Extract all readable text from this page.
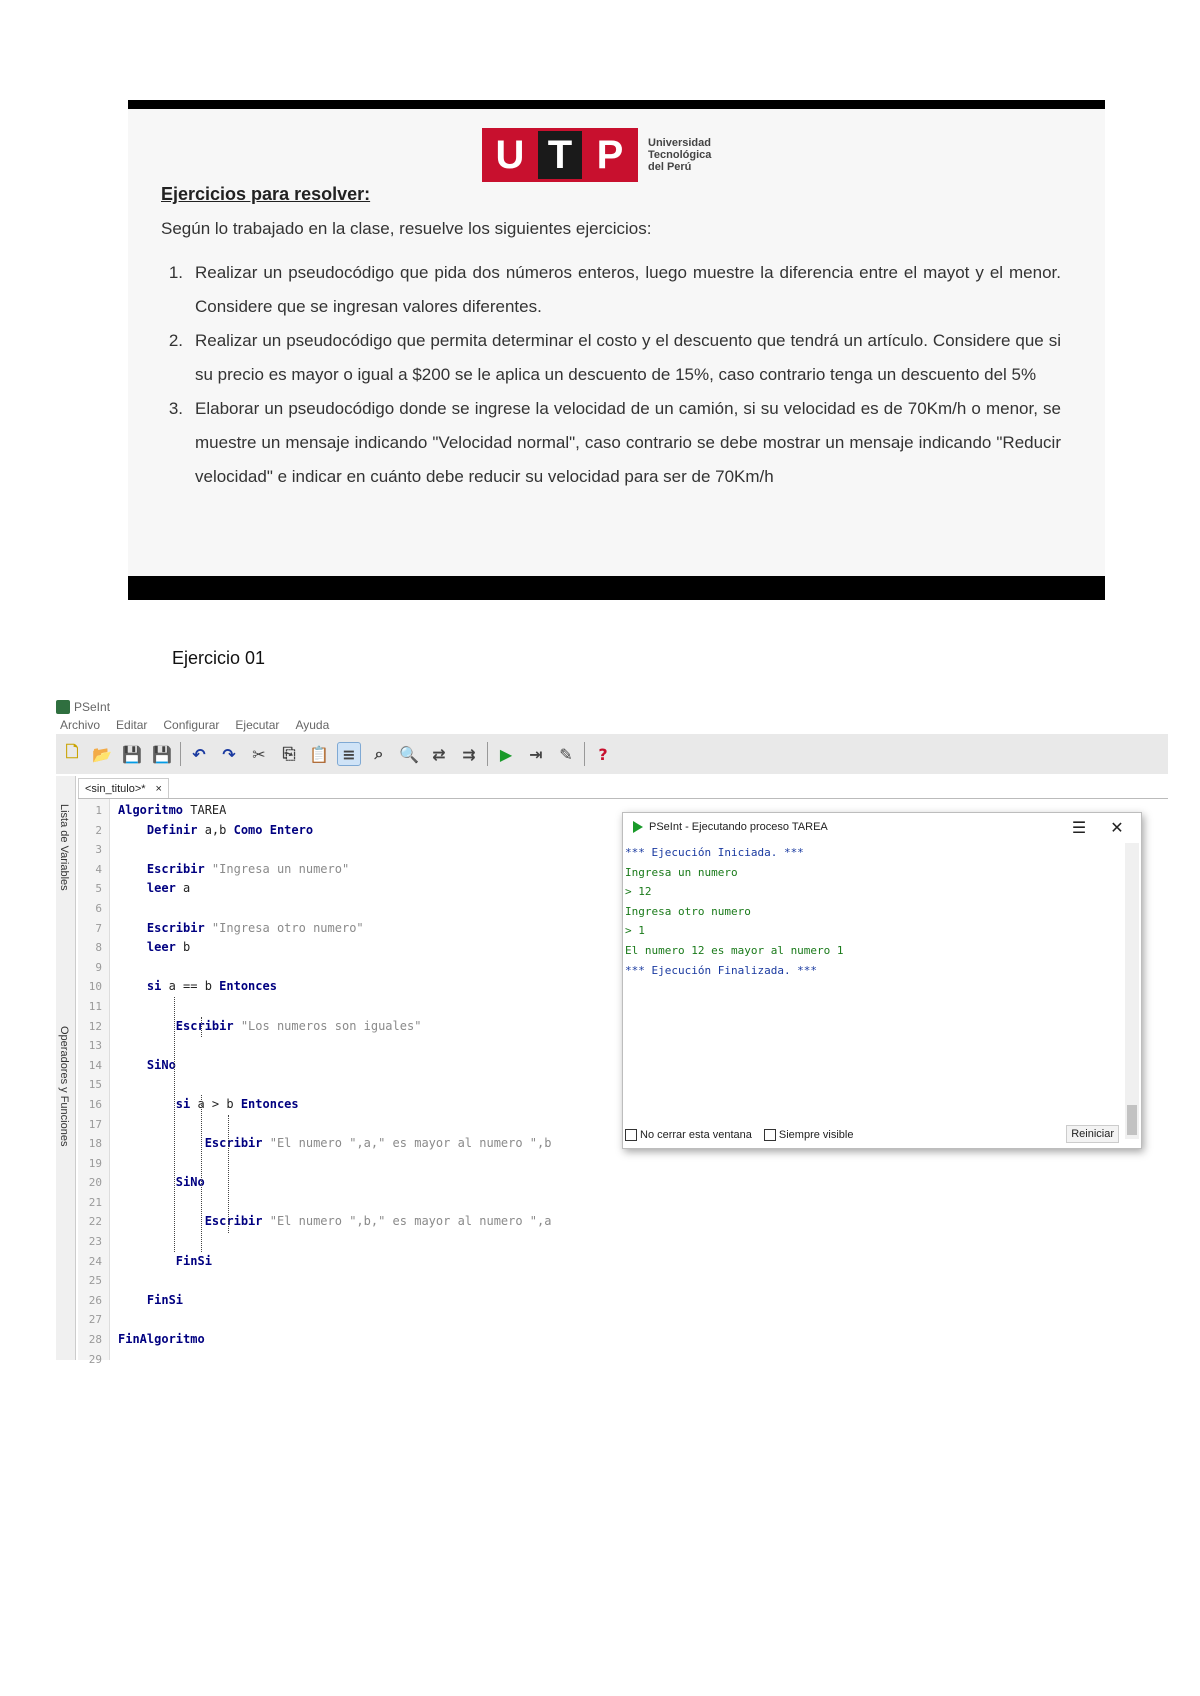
U T P	Universidad Tecnológica del Perú
Ejercicios para resolver:
Según lo trabajado en la clase, resuelve los siguientes ejercicios:
1. Realizar un pseudocódigo que pida dos números enteros, luego muestre la diferencia entre el mayot y el menor. Considere que se ingresan valores diferentes.
2. Realizar un pseudocódigo que permita determinar el costo y el descuento que tendrá un artículo. Considere que si su precio es mayor o igual a $200 se le aplica un descuento de 15%, caso contrario tenga un descuento del 5%
3. Elaborar un pseudocódigo donde se ingrese la velocidad de un camión, si su velocidad es de 70Km/h o menor, se muestre un mensaje indicando "Velocidad normal", caso contrario se debe mostrar un mensaje indicando "Reducir velocidad" e indicar en cuánto debe reducir su velocidad para ser de 70Km/h
Ejercicio 01
PSeInt
Archivo Editar Configurar Ejecutar Ayuda
🗋 📂 💾 💾	↶	↷	✂	⎘ 📋 ≡	⌕ 🔍 ⇄	⇉	▶	⇥	✎	?
Lista de Variables
Operadores y Funciones
<sin_titulo>* ×
1	Algoritmo TAREA
2	Definir a,b Como Entero
3
4	Escribir "Ingresa un numero"
5	leer a
6
7	Escribir "Ingresa otro numero"
8	leer b
9
10	si a == b Entonces
11
12	Escribir "Los numeros son iguales"
13
14	SiNo
15
16	si a > b Entonces
17
18	Escribir "El numero ",a," es mayor al numero ",b
19
20	SiNo
21
22	Escribir "El numero ",b," es mayor al numero ",a
23
24	FinSi
25
26	FinSi
27
28	FinAlgoritmo
29
PSeInt - Ejecutando proceso TAREA	☰ ✕
*** Ejecución Iniciada. ***
Ingresa un numero
> 12
Ingresa otro numero
> 1
El numero 12 es mayor al numero 1
*** Ejecución Finalizada. ***
No cerrar esta ventana Siempre visible	Reiniciar
